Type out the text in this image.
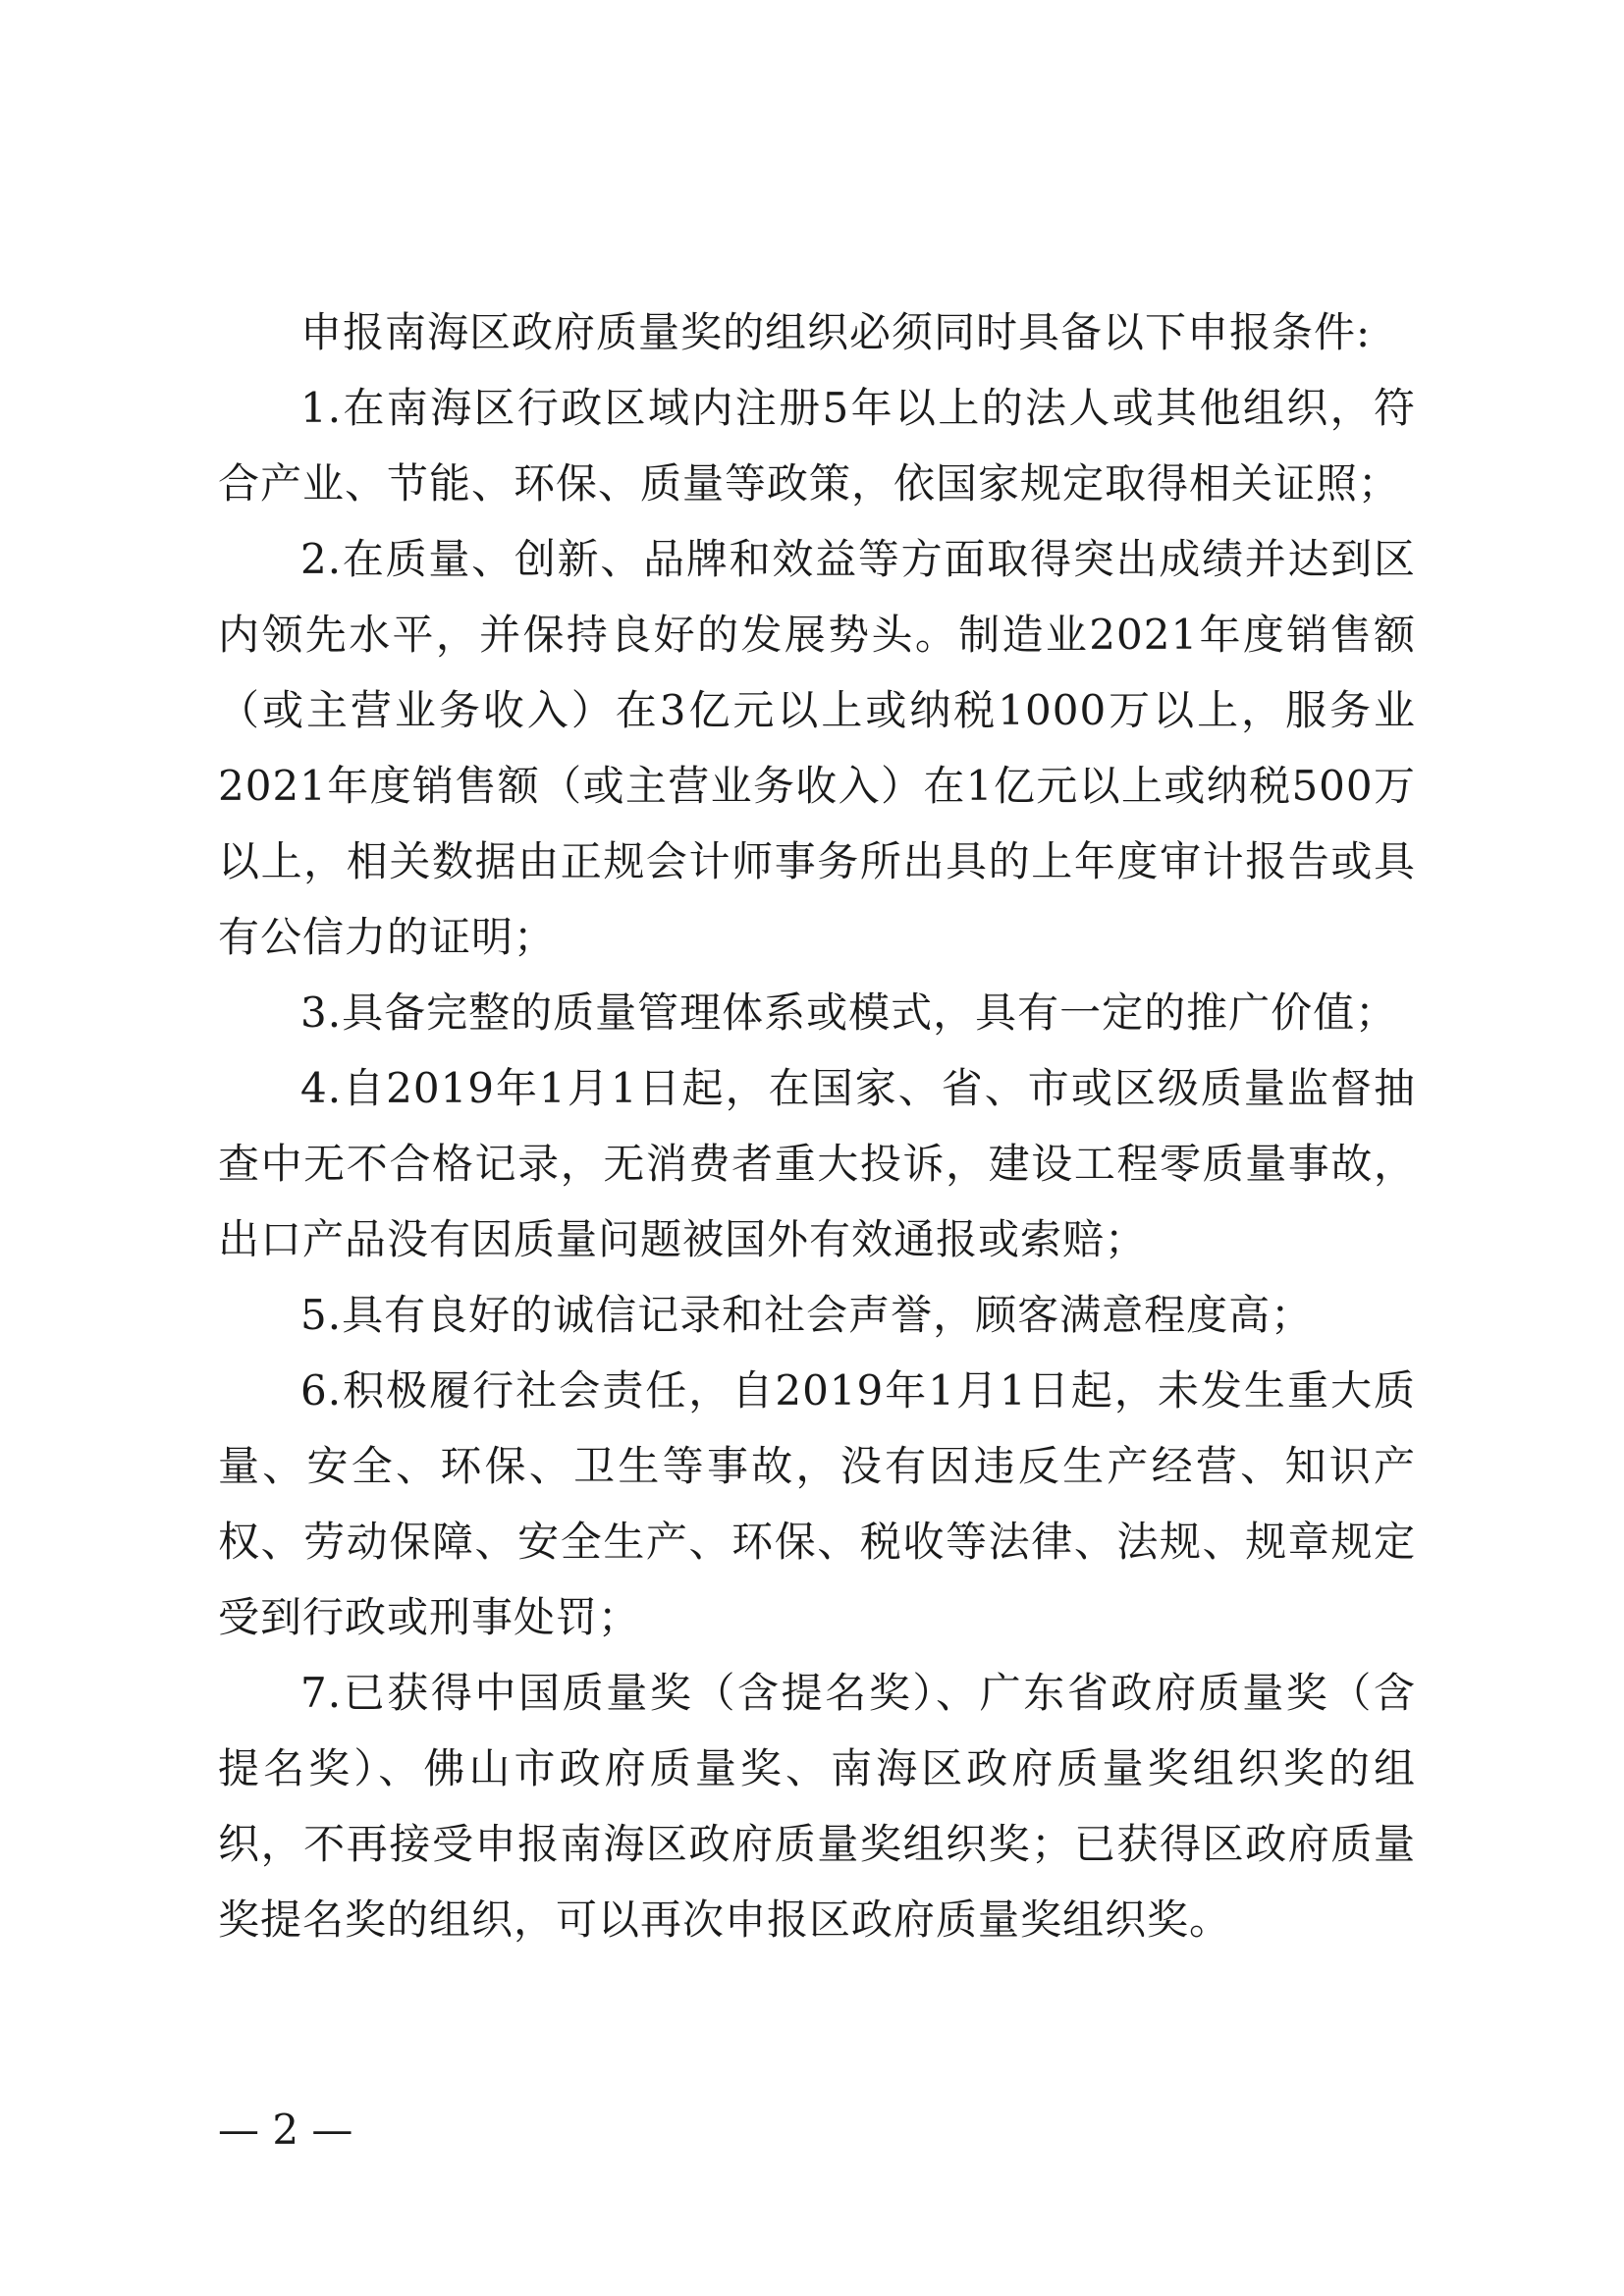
申报南海区政府质量奖的组织必须同时具备以下申报条件:

1.在南海区行政区域内注册5年以上的法人或其他组织，符合产业、节能、环保、质量等政策，依国家规定取得相关证照；

2.在质量、创新、品牌和效益等方面取得突出成绩并达到区内领先水平，并保持良好的发展势头。制造业2021年度销售额（或主营业务收入）在3亿元以上或纳税1000万以上，服务业2021年度销售额（或主营业务收入）在1亿元以上或纳税500万以上，相关数据由正规会计师事务所出具的上年度审计报告或具有公信力的证明；

3.具备完整的质量管理体系或模式，具有一定的推广价值；

4.自2019年1月1日起，在国家、省、市或区级质量监督抽查中无不合格记录，无消费者重大投诉，建设工程零质量事故，出口产品没有因质量问题被国外有效通报或索赔；

5.具有良好的诚信记录和社会声誉，顾客满意程度高；

6.积极履行社会责任，自2019年1月1日起，未发生重大质量、安全、环保、卫生等事故，没有因违反生产经营、知识产权、劳动保障、安全生产、环保、税收等法律、法规、规章规定受到行政或刑事处罚；

7.已获得中国质量奖（含提名奖）、广东省政府质量奖（含提名奖）、佛山市政府质量奖、南海区政府质量奖组织奖的组织，不再接受申报南海区政府质量奖组织奖；已获得区政府质量奖提名奖的组织，可以再次申报区政府质量奖组织奖。

— 2 —
